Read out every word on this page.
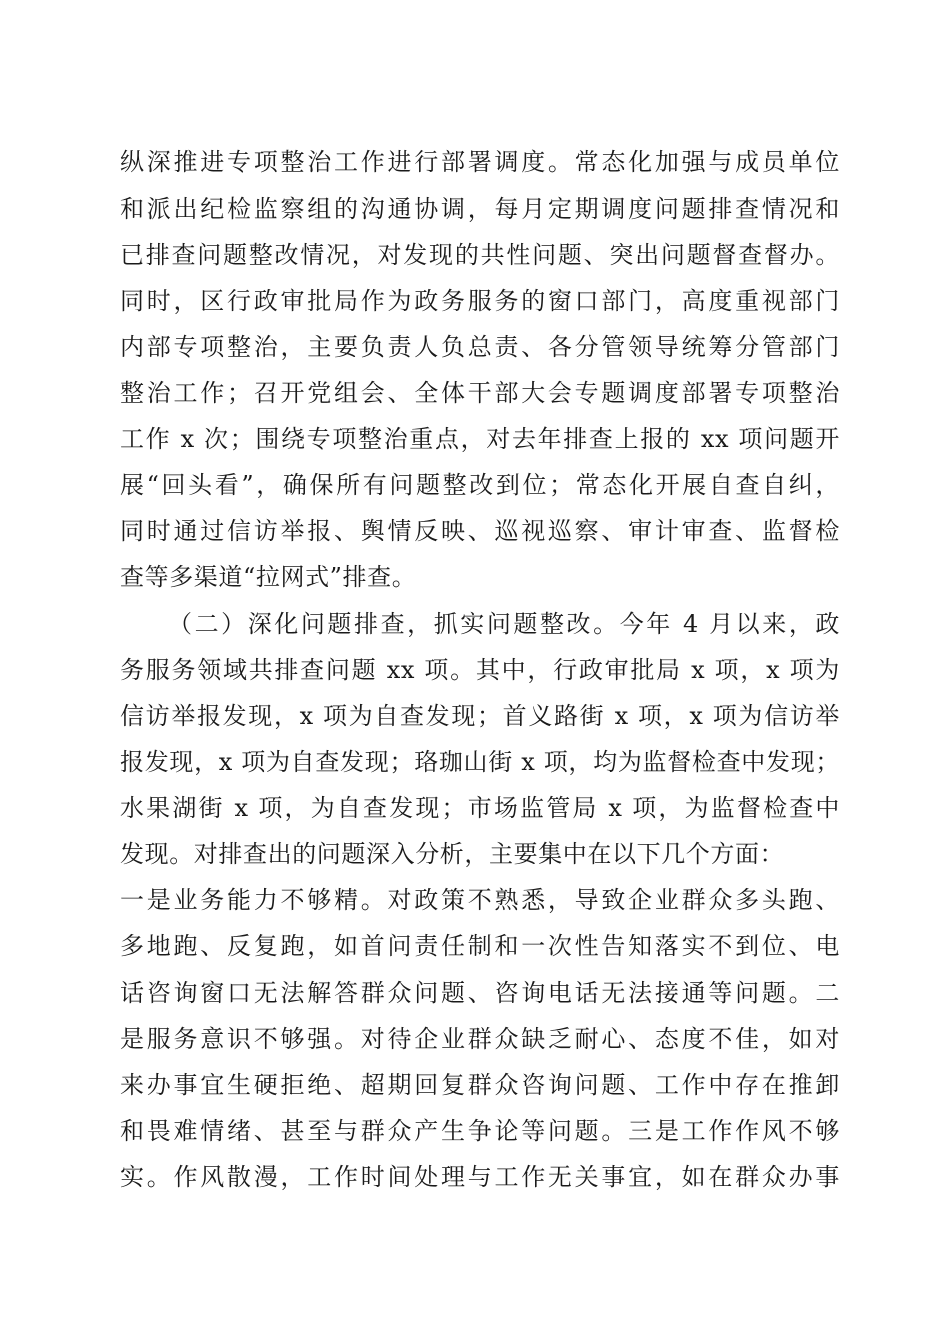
纵深推进专项整治工作进行部署调度。常态化加强与成员单位
和派出纪检监察组的沟通协调，每月定期调度问题排查情况和
已排查问题整改情况，对发现的共性问题、突出问题督查督办。
同时，区行政审批局作为政务服务的窗口部门，高度重视部门
内部专项整治，主要负责人负总责、各分管领导统筹分管部门
整治工作；召开党组会、全体干部大会专题调度部署专项整治
工作 x 次；围绕专项整治重点，对去年排查上报的 xx 项问题开
展“回头看”，确保所有问题整改到位；常态化开展自查自纠，
同时通过信访举报、舆情反映、巡视巡察、审计审查、监督检
查等多渠道“拉网式”排查。
（二）深化问题排查，抓实问题整改。今年 4 月以来，政
务服务领域共排查问题 xx 项。其中，行政审批局 x 项，x 项为
信访举报发现，x 项为自查发现；首义路街 x 项，x 项为信访举
报发现，x 项为自查发现；珞珈山街 x 项，均为监督检查中发现；
水果湖街 x 项，为自查发现；市场监管局 x 项，为监督检查中
发现。对排查出的问题深入分析，主要集中在以下几个方面：
一是业务能力不够精。对政策不熟悉，导致企业群众多头跑、
多地跑、反复跑，如首问责任制和一次性告知落实不到位、电
话咨询窗口无法解答群众问题、咨询电话无法接通等问题。二
是服务意识不够强。对待企业群众缺乏耐心、态度不佳，如对
来办事宜生硬拒绝、超期回复群众咨询问题、工作中存在推卸
和畏难情绪、甚至与群众产生争论等问题。三是工作作风不够
实。作风散漫，工作时间处理与工作无关事宜，如在群众办事
